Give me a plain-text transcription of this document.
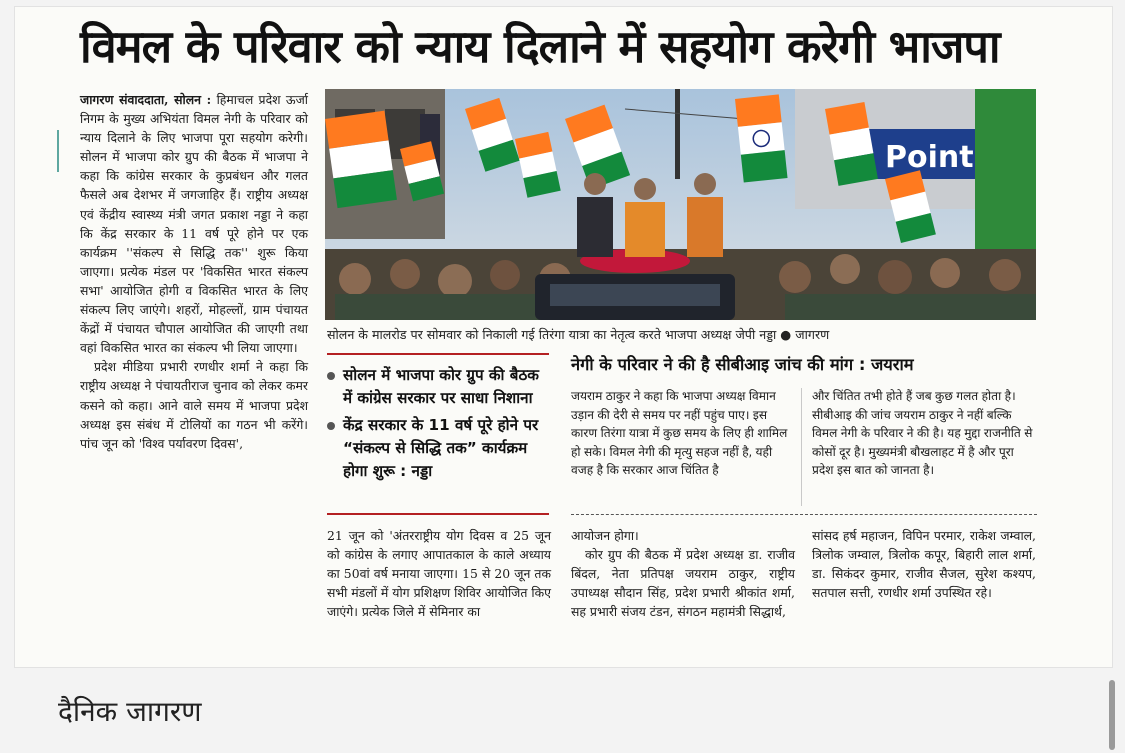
विमल के परिवार को न्याय दिलाने में सहयोग करेगी भाजपा

जागरण संवाददाता, सोलन : हिमाचल प्रदेश ऊर्जा निगम के मुख्य अभियंता विमल नेगी के परिवार को न्याय दिलाने के लिए भाजपा पूरा सहयोग करेगी। सोलन में भाजपा कोर ग्रुप की बैठक में भाजपा ने कहा कि कांग्रेस सरकार के कुप्रबंधन और गलत फैसले अब देशभर में जगजाहिर हैं। राष्ट्रीय अध्यक्ष एवं केंद्रीय स्वास्थ्य मंत्री जगत प्रकाश नड्डा ने कहा कि केंद्र सरकार के 11 वर्ष पूरे होने पर एक कार्यक्रम ''संकल्प से सिद्धि तक'' शुरू किया जाएगा। प्रत्येक मंडल पर 'विकसित भारत संकल्प सभा' आयोजित होगी व विकसित भारत के लिए संकल्प लिए जाएंगे। शहरों, मोहल्लों, ग्राम पंचायत केंद्रों में पंचायत चौपाल आयोजित की जाएगी तथा वहां विकसित भारत का संकल्प भी लिया जाएगा।

प्रदेश मीडिया प्रभारी रणधीर शर्मा ने कहा कि राष्ट्रीय अध्यक्ष ने पंचायतीराज चुनाव को लेकर कमर कसने को कहा। आने वाले समय में भाजपा प्रदेश अध्यक्ष इस संबंध में टोलियों का गठन भी करेंगे। पांच जून को 'विश्व पर्यावरण दिवस',

Point
सोलन के मालरोड पर सोमवार को निकाली गई तिरंगा यात्रा का नेतृत्व करते भाजपा अध्यक्ष जेपी नड्डा ● जागरण
सोलन में भाजपा कोर ग्रुप की बैठक में कांग्रेस सरकार पर साधा निशाना
केंद्र सरकार के 11 वर्ष पूरे होने पर “संकल्प से सिद्धि तक” कार्यक्रम होगा शुरू : नड्डा
नेगी के परिवार ने की है सीबीआइ जांच की मांग : जयराम

जयराम ठाकुर ने कहा कि भाजपा अध्यक्ष विमान उड़ान की देरी से समय पर नहीं पहुंच पाए। इस कारण तिरंगा यात्रा में कुछ समय के लिए ही शामिल हो सके। विमल नेगी की मृत्यु सहज नहीं है, यही वजह है कि सरकार आज चिंतित है

और चिंतित तभी होते हैं जब कुछ गलत होता है। सीबीआइ की जांच जयराम ठाकुर ने नहीं बल्कि विमल नेगी के परिवार ने की है। यह मुद्दा राजनीति से कोसों दूर है। मुख्यमंत्री बौखलाहट में है और पूरा प्रदेश इस बात को जानता है।

21 जून को 'अंतरराष्ट्रीय योग दिवस व 25 जून को कांग्रेस के लगाए आपातकाल के काले अध्याय का 50वां वर्ष मनाया जाएगा। 15 से 20 जून तक सभी मंडलों में योग प्रशिक्षण शिविर आयोजित किए जाएंगे। प्रत्येक जिले में सेमिनार का

आयोजन होगा।

कोर ग्रुप की बैठक में प्रदेश अध्यक्ष डा. राजीव बिंदल, नेता प्रतिपक्ष जयराम ठाकुर, राष्ट्रीय उपाध्यक्ष सौदान सिंह, प्रदेश प्रभारी श्रीकांत शर्मा, सह प्रभारी संजय टंडन, संगठन महामंत्री सिद्धार्थ,

सांसद हर्ष महाजन, विपिन परमार, राकेश जम्वाल, त्रिलोक जम्वाल, त्रिलोक कपूर, बिहारी लाल शर्मा, डा. सिकंदर कुमार, राजीव सैजल, सुरेश कश्यप, सतपाल सत्ती, रणधीर शर्मा उपस्थित रहे।

दैनिक जागरण
